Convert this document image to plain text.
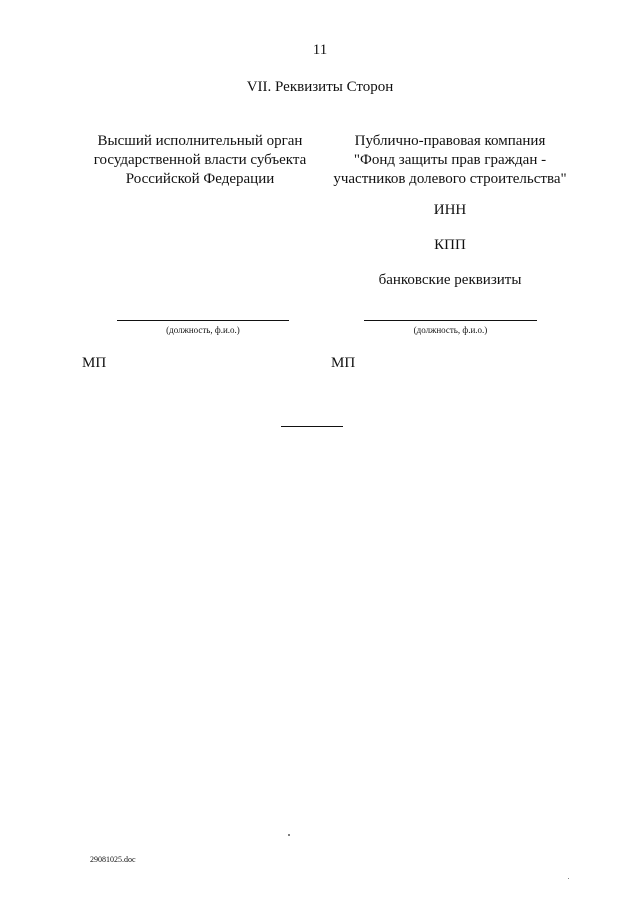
11
VII. Реквизиты Сторон
Высший исполнительный орган
государственной власти субъекта
Российской Федерации
Публично-правовая компания
"Фонд защиты прав граждан -
участников долевого строительства"
ИНН
КПП
банковские реквизиты
(должность, ф.и.о.)	(должность, ф.и.о.)
МП	МП
29081025.doc
